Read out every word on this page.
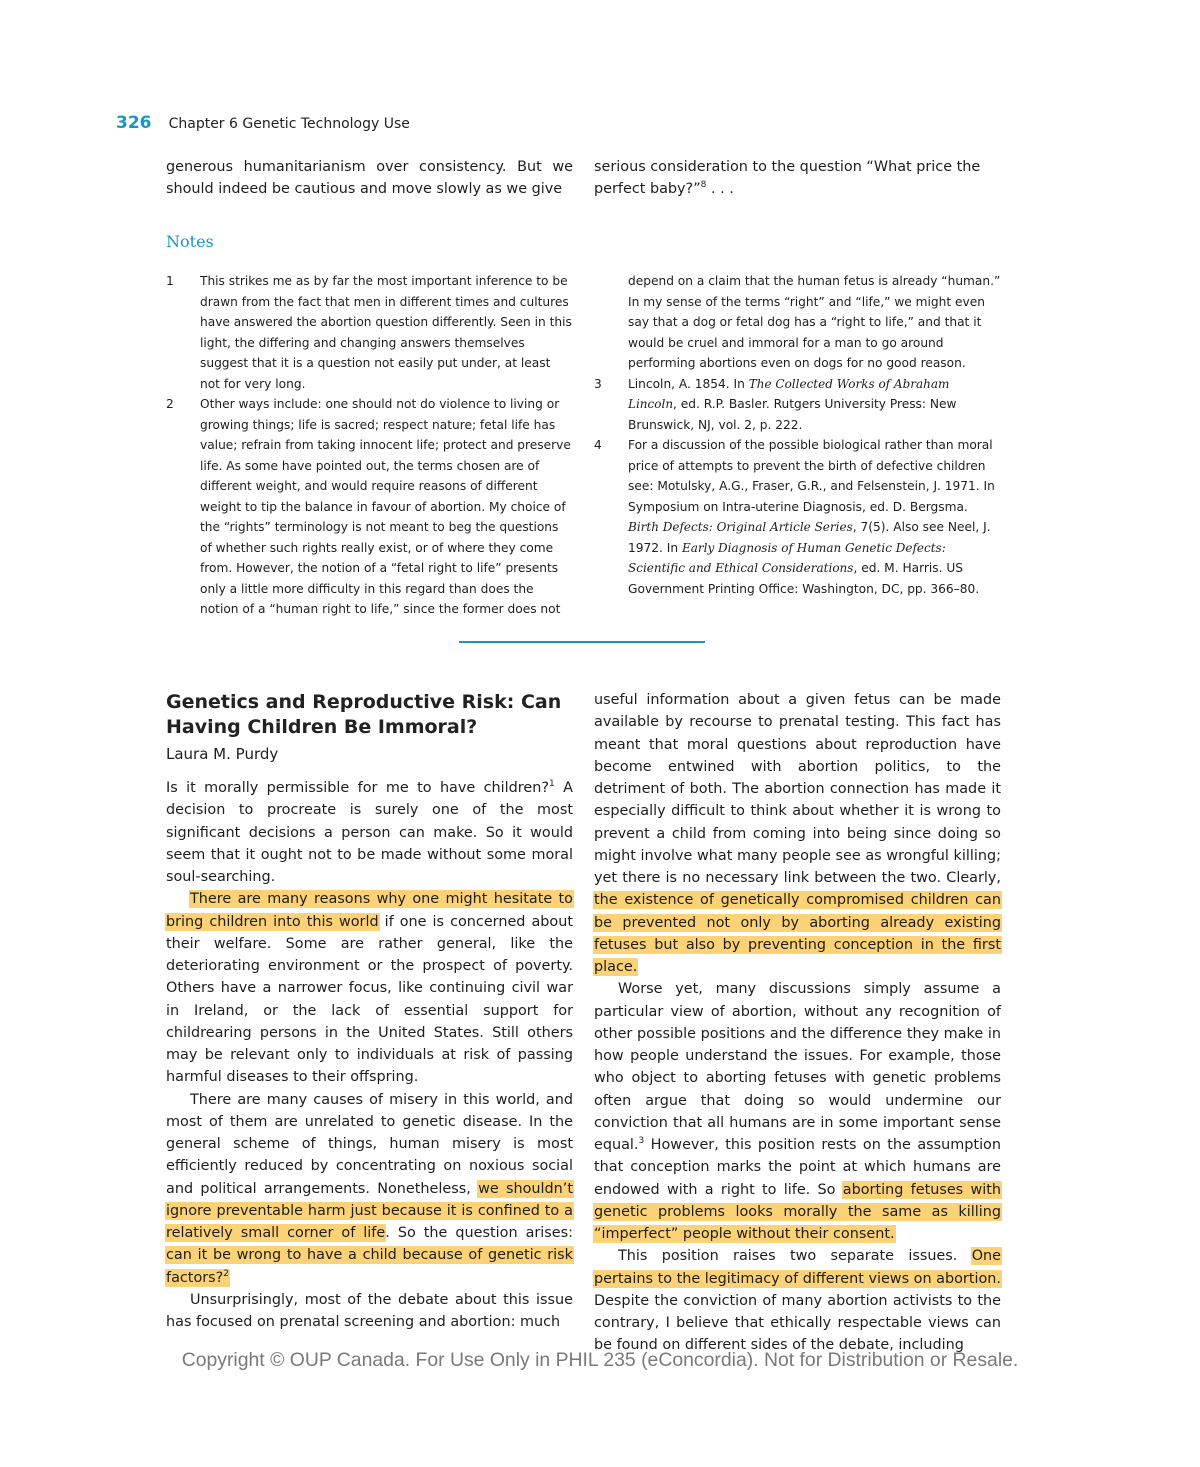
326 Chapter 6 Genetic Technology Use

generous humanitarianism over consistency. But we should indeed be cautious and move slowly as we give

serious consideration to the question “What price the perfect baby?”$^8$ . . .

Notes
1	This strikes me as by far the most important inference to be drawn from the fact that men in different times and cultures have answered the abortion question differently. Seen in this light, the differing and changing answers themselves suggest that it is a question not easily put under, at least not for very long.
2	Other ways include: one should not do violence to living or growing things; life is sacred; respect nature; fetal life has value; refrain from taking innocent life; protect and preserve life. As some have pointed out, the terms chosen are of different weight, and would require reasons of different weight to tip the balance in favour of abortion. My choice of the “rights” terminology is not meant to beg the questions of whether such rights really exist, or of where they come from. However, the notion of a “fetal right to life” presents only a little more difficulty in this regard than does the notion of a “human right to life,” since the former does not
depend on a claim that the human fetus is already “human.” In my sense of the terms “right” and “life,” we might even say that a dog or fetal dog has a “right to life,” and that it would be cruel and immoral for a man to go around performing abortions even on dogs for no good reason.
3	Lincoln, A. 1854. In The Collected Works of Abraham Lincoln, ed. R.P. Basler. Rutgers University Press: New Brunswick, NJ, vol. 2, p. 222.
4	For a discussion of the possible biological rather than moral price of attempts to prevent the birth of defective children see: Motulsky, A.G., Fraser, G.R., and Felsenstein, J. 1971. In Symposium on Intra-uterine Diagnosis, ed. D. Bergsma. Birth Defects: Original Article Series, 7(5). Also see Neel, J. 1972. In Early Diagnosis of Human Genetic Defects: Scientific and Ethical Considerations, ed. M. Harris. US Government Printing Office: Washington, DC, pp. 366–80.
Genetics and Reproductive Risk: Can Having Children Be Immoral?
Laura M. Purdy

Is it morally permissible for me to have children?$^1$ A decision to procreate is surely one of the most significant decisions a person can make. So it would seem that it ought not to be made without some moral soul-searching.

There are many reasons why one might hesitate to bring children into this world if one is concerned about their welfare. Some are rather general, like the deteriorating environment or the prospect of poverty. Others have a narrower focus, like continuing civil war in Ireland, or the lack of essential support for childrearing persons in the United States. Still others may be relevant only to individuals at risk of passing harmful diseases to their offspring.

There are many causes of misery in this world, and most of them are unrelated to genetic disease. In the general scheme of things, human misery is most efficiently reduced by concentrating on noxious social and political arrangements. Nonetheless, we shouldn’t ignore preventable harm just because it is confined to a relatively small corner of life. So the question arises: can it be wrong to have a child because of genetic risk factors?$^2$

Unsurprisingly, most of the debate about this issue has focused on prenatal screening and abortion: much

useful information about a given fetus can be made available by recourse to prenatal testing. This fact has meant that moral questions about reproduction have become entwined with abortion politics, to the detriment of both. The abortion connection has made it especially difficult to think about whether it is wrong to prevent a child from coming into being since doing so might involve what many people see as wrongful killing; yet there is no necessary link between the two. Clearly, the existence of genetically compromised children can be prevented not only by aborting already existing fetuses but also by preventing conception in the first place.

Worse yet, many discussions simply assume a particular view of abortion, without any recognition of other possible positions and the difference they make in how people understand the issues. For example, those who object to aborting fetuses with genetic problems often argue that doing so would undermine our conviction that all humans are in some important sense equal.$^3$ However, this position rests on the assumption that conception marks the point at which humans are endowed with a right to life. So aborting fetuses with genetic problems looks morally the same as killing “imperfect” people without their consent.

This position raises two separate issues. One pertains to the legitimacy of different views on abortion. Despite the conviction of many abortion activists to the contrary, I believe that ethically respectable views can be found on different sides of the debate, including

Copyright © OUP Canada. For Use Only in PHIL 235 (eConcordia). Not for Distribution or Resale.
